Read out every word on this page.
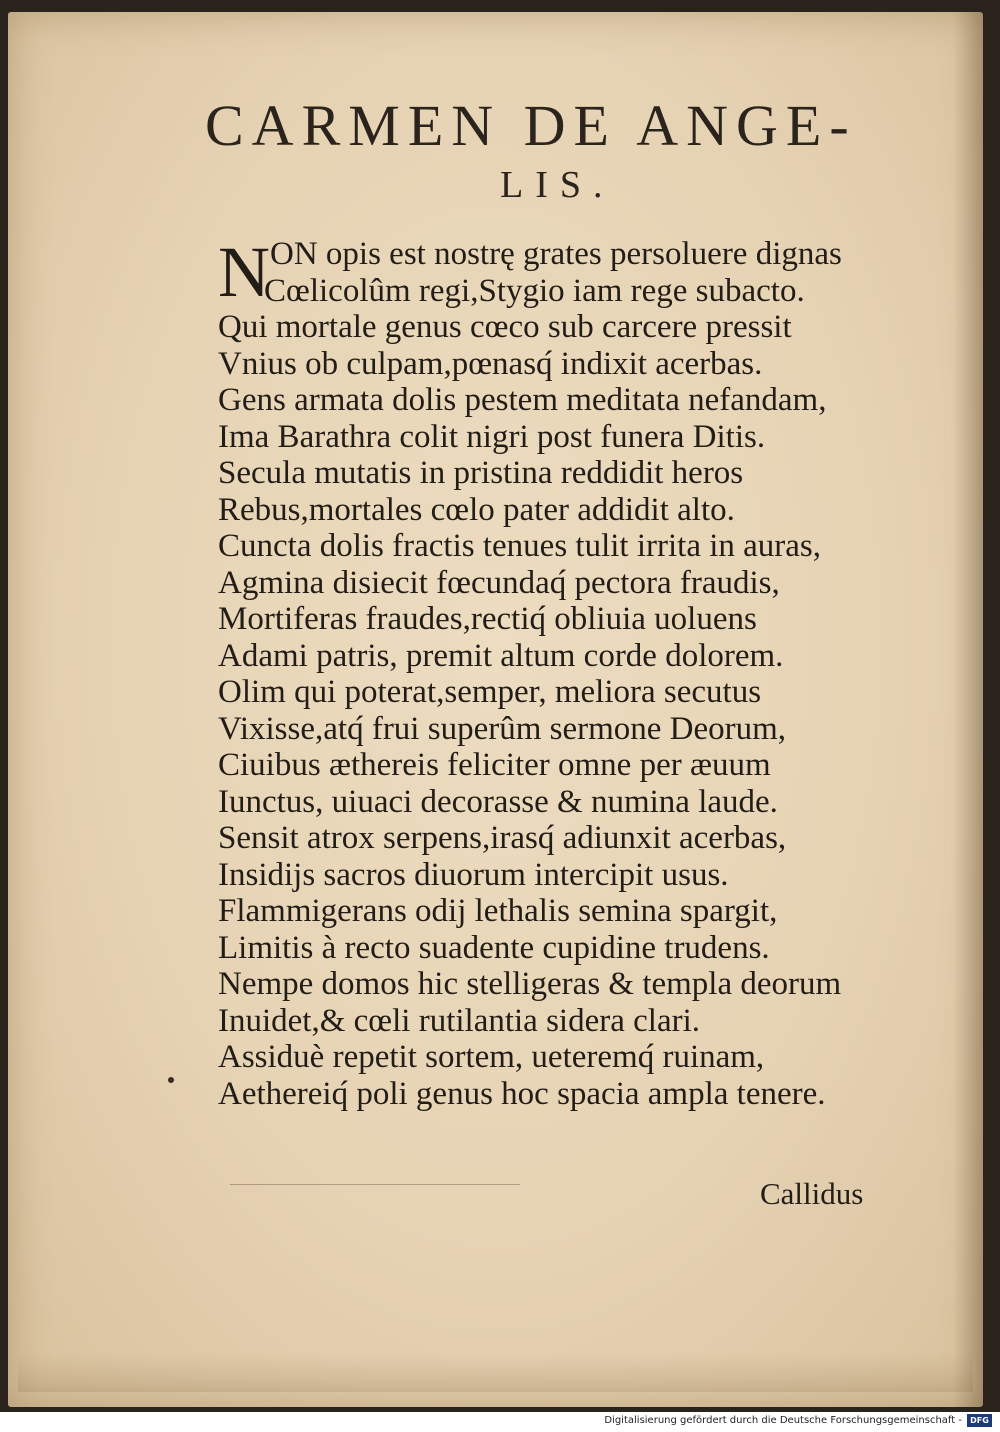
CARMEN DE ANGE-
LIS.
N ON opis est nostrę grates persoluere dignas
Cœlicolûm regi,Stygio iam rege subacto.
Qui mortale genus cœco sub carcere pressit
Vnius ob culpam,pœnasq́ indixit acerbas.
Gens armata dolis pestem meditata nefandam,
Ima Barathra colit nigri post funera Ditis.
Secula mutatis in pristina reddidit heros
Rebus,mortales cœlo pater addidit alto.
Cuncta dolis fractis tenues tulit irrita in auras,
Agmina disiecit fœcundaq́ pectora fraudis,
Mortiferas fraudes,rectiq́ obliuia uoluens
Adami patris, premit altum corde dolorem.
Olim qui poterat,semper, meliora secutus
Vixisse,atq́ frui superûm sermone Deorum,
Ciuibus æthereis feliciter omne per æuum
Iunctus, uiuaci decorasse & numina laude.
Sensit atrox serpens,irasq́ adiunxit acerbas,
Insidijs sacros diuorum intercipit usus.
Flammigerans odij lethalis semina spargit,
Limitis à recto suadente cupidine trudens.
Nempe domos hic stelligeras & templa deorum
Inuidet,& cœli rutilantia sidera clari.
Assiduè repetit sortem, ueteremq́ ruinam,
Aethereiq́ poli genus hoc spacia ampla tenere.
Callidus
Digitalisierung gefördert durch die Deutsche Forschungsgemeinschaft -	DFG
